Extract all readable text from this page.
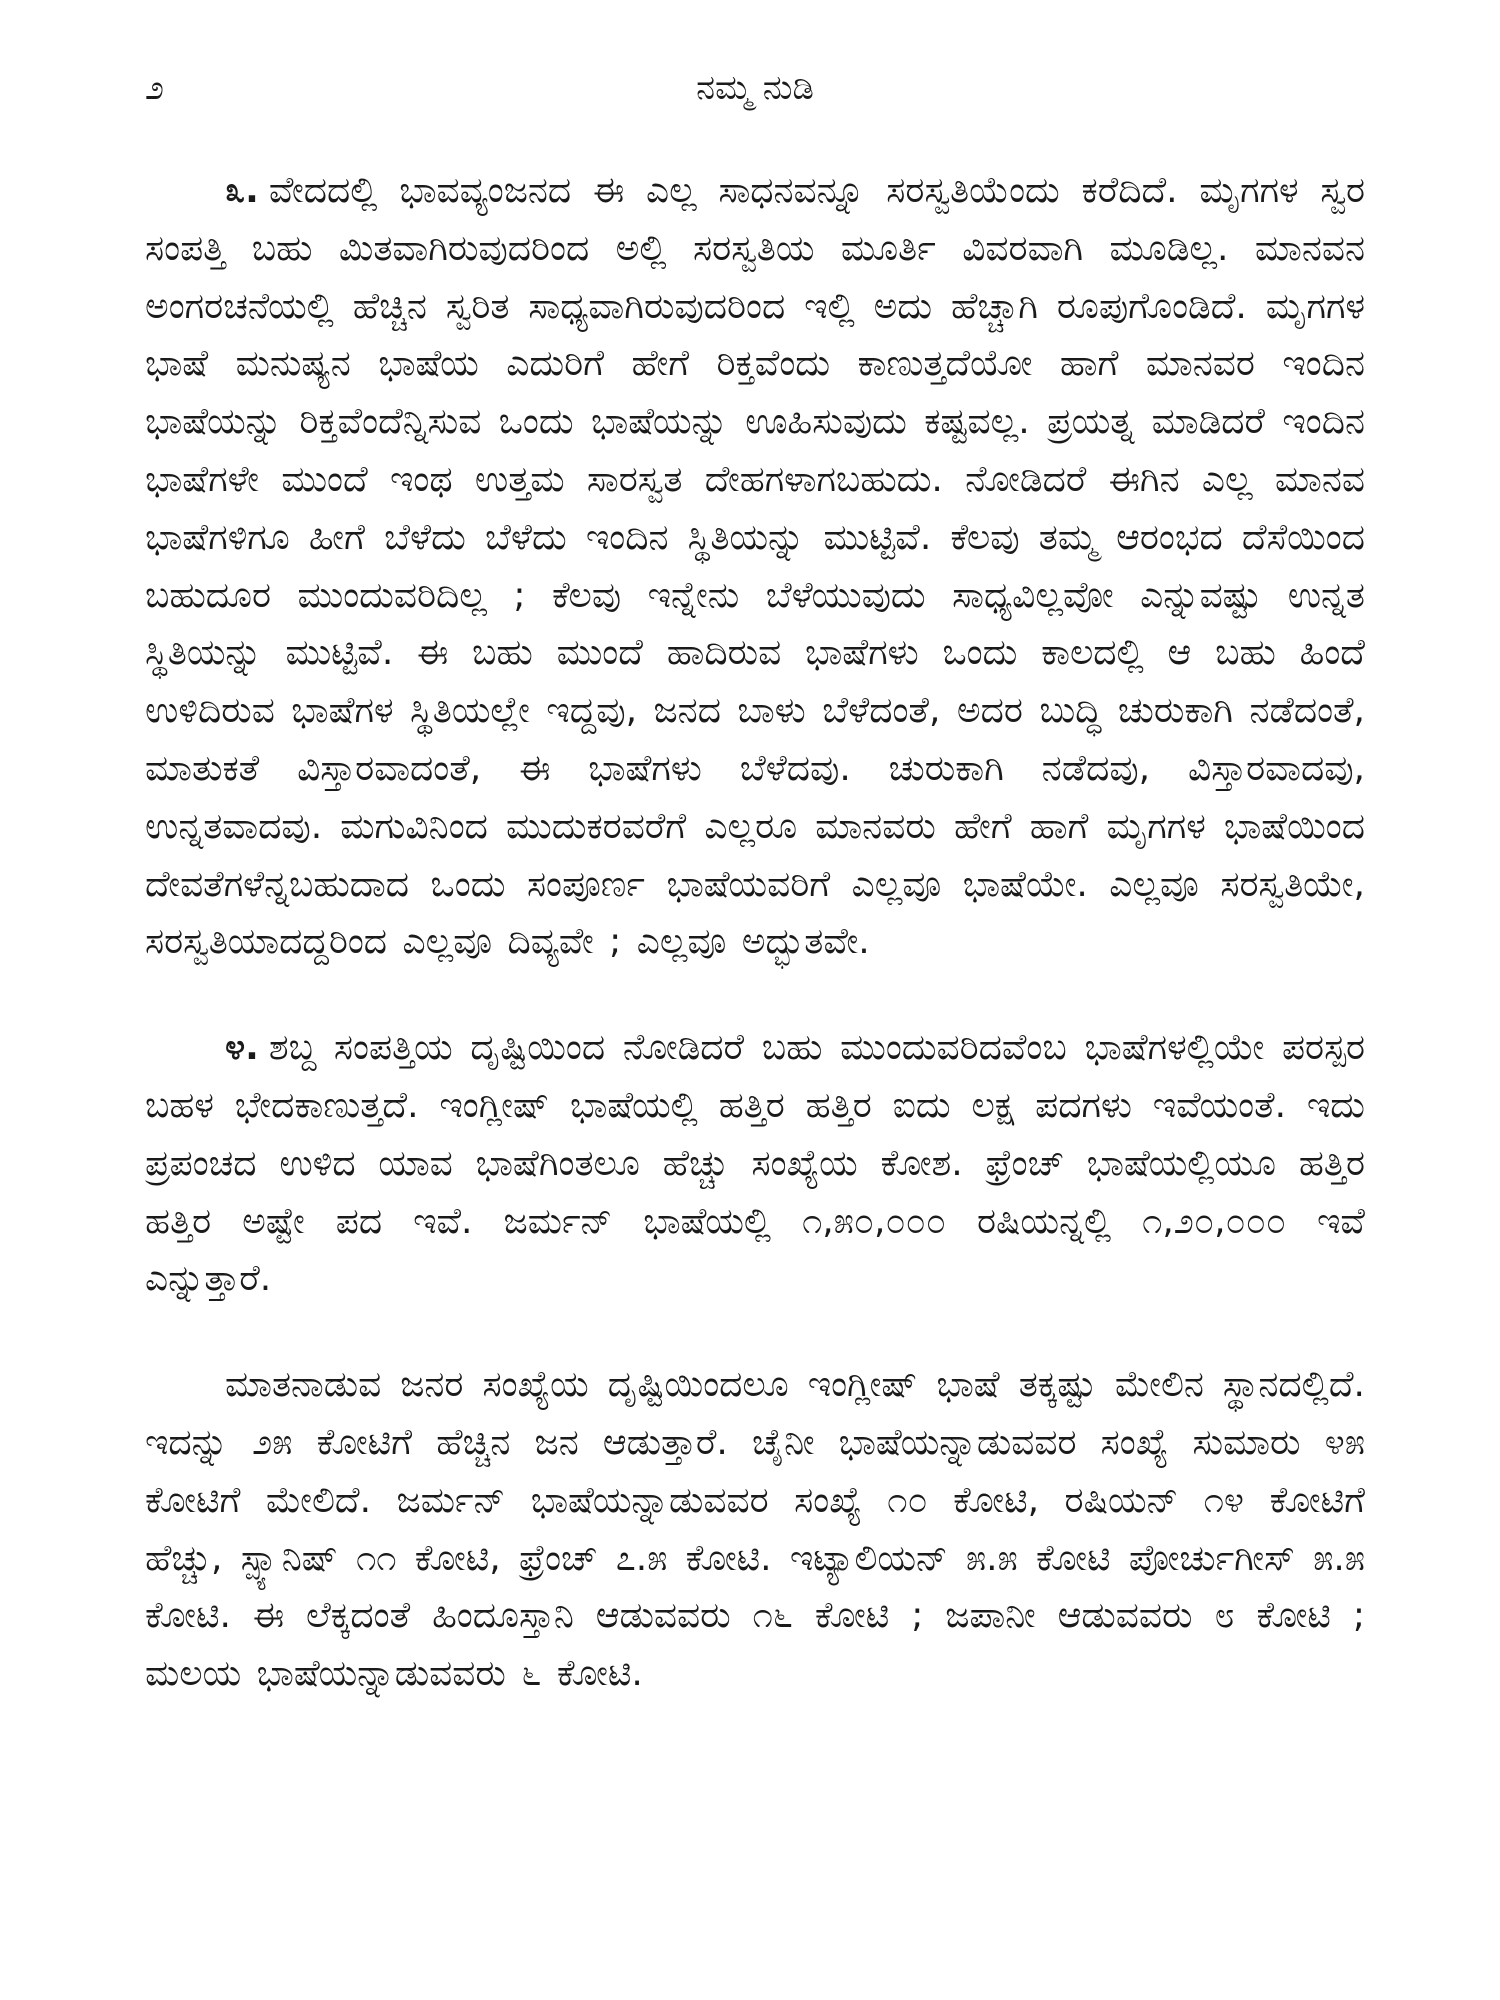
೨	ನಮ್ಮ ನುಡಿ

೩. ವೇದದಲ್ಲಿ ಭಾವವ್ಯಂಜನದ ಈ ಎಲ್ಲ ಸಾಧನವನ್ನೂ ಸರಸ್ವತಿಯೆಂದು ಕರೆದಿದೆ. ಮೃಗಗಳ ಸ್ವರ ಸಂಪತ್ತಿ ಬಹು ಮಿತವಾಗಿರುವುದರಿಂದ ಅಲ್ಲಿ ಸರಸ್ವತಿಯ ಮೂರ್ತಿ ವಿವರವಾಗಿ ಮೂಡಿಲ್ಲ. ಮಾನವನ ಅಂಗರಚನೆಯಲ್ಲಿ ಹೆಚ್ಚಿನ ಸ್ವರಿತ ಸಾಧ್ಯವಾಗಿರುವುದರಿಂದ ಇಲ್ಲಿ ಅದು ಹೆಚ್ಚಾಗಿ ರೂಪುಗೊಂಡಿದೆ. ಮೃಗಗಳ ಭಾಷೆ ಮನುಷ್ಯನ ಭಾಷೆಯ ಎದುರಿಗೆ ಹೇಗೆ ರಿಕ್ತವೆಂದು ಕಾಣುತ್ತದೆಯೋ ಹಾಗೆ ಮಾನವರ ಇಂದಿನ ಭಾಷೆಯನ್ನು ರಿಕ್ತವೆಂದೆನ್ನಿಸುವ ಒಂದು ಭಾಷೆಯನ್ನು ಊಹಿಸುವುದು ಕಷ್ಟವಲ್ಲ. ಪ್ರಯತ್ನ ಮಾಡಿದರೆ ಇಂದಿನ ಭಾಷೆಗಳೇ ಮುಂದೆ ಇಂಥ ಉತ್ತಮ ಸಾರಸ್ವತ ದೇಹಗಳಾಗಬಹುದು. ನೋಡಿದರೆ ಈಗಿನ ಎಲ್ಲ ಮಾನವ ಭಾಷೆಗಳಿಗೂ ಹೀಗೆ ಬೆಳೆದು ಬೆಳೆದು ಇಂದಿನ ಸ್ಥಿತಿಯನ್ನು ಮುಟ್ಟಿವೆ. ಕೆಲವು ತಮ್ಮ ಆರಂಭದ ದೆಸೆಯಿಂದ ಬಹುದೂರ ಮುಂದುವರಿದಿಲ್ಲ ; ಕೆಲವು ಇನ್ನೇನು ಬೆಳೆಯುವುದು ಸಾಧ್ಯವಿಲ್ಲವೋ ಎನ್ನುವಷ್ಟು ಉನ್ನತ ಸ್ಥಿತಿಯನ್ನು ಮುಟ್ಟಿವೆ. ಈ ಬಹು ಮುಂದೆ ಹಾದಿರುವ ಭಾಷೆಗಳು ಒಂದು ಕಾಲದಲ್ಲಿ ಆ ಬಹು ಹಿಂದೆ ಉಳಿದಿರುವ ಭಾಷೆಗಳ ಸ್ಥಿತಿಯಲ್ಲೇ ಇದ್ದವು, ಜನದ ಬಾಳು ಬೆಳೆದಂತೆ, ಅದರ ಬುದ್ಧಿ ಚುರುಕಾಗಿ ನಡೆದಂತೆ, ಮಾತುಕತೆ ವಿಸ್ತಾರವಾದಂತೆ, ಈ ಭಾಷೆಗಳು ಬೆಳೆದವು. ಚುರುಕಾಗಿ ನಡೆದವು, ವಿಸ್ತಾರವಾದವು, ಉನ್ನತವಾದವು. ಮಗುವಿನಿಂದ ಮುದುಕರವರೆಗೆ ಎಲ್ಲರೂ ಮಾನವರು ಹೇಗೆ ಹಾಗೆ ಮೃಗಗಳ ಭಾಷೆಯಿಂದ ದೇವತೆಗಳೆನ್ನಬಹುದಾದ ಒಂದು ಸಂಪೂರ್ಣ ಭಾಷೆಯವರಿಗೆ ಎಲ್ಲವೂ ಭಾಷೆಯೇ. ಎಲ್ಲವೂ ಸರಸ್ವತಿಯೇ, ಸರಸ್ವತಿಯಾದದ್ದರಿಂದ ಎಲ್ಲವೂ ದಿವ್ಯವೇ ; ಎಲ್ಲವೂ ಅದ್ಭುತವೇ.

೪. ಶಬ್ದ ಸಂಪತ್ತಿಯ ದೃಷ್ಟಿಯಿಂದ ನೋಡಿದರೆ ಬಹು ಮುಂದುವರಿದವೆಂಬ ಭಾಷೆಗಳಲ್ಲಿಯೇ ಪರಸ್ಪರ ಬಹಳ ಭೇದಕಾಣುತ್ತದೆ. ಇಂಗ್ಲೀಷ್ ಭಾಷೆಯಲ್ಲಿ ಹತ್ತಿರ ಹತ್ತಿರ ಐದು ಲಕ್ಷ ಪದಗಳು ಇವೆಯಂತೆ. ಇದು ಪ್ರಪಂಚದ ಉಳಿದ ಯಾವ ಭಾಷೆಗಿಂತಲೂ ಹೆಚ್ಚು ಸಂಖ್ಯೆಯ ಕೋಶ. ಫ್ರೆಂಚ್ ಭಾಷೆಯಲ್ಲಿಯೂ ಹತ್ತಿರ ಹತ್ತಿರ ಅಷ್ಟೇ ಪದ ಇವೆ. ಜರ್ಮನ್ ಭಾಷೆಯಲ್ಲಿ ೧,೫೦,೦೦೦ ರಷಿಯನ್ನಲ್ಲಿ ೧,೨೦,೦೦೦ ಇವೆ ಎನ್ನುತ್ತಾರೆ.

ಮಾತನಾಡುವ ಜನರ ಸಂಖ್ಯೆಯ ದೃಷ್ಟಿಯಿಂದಲೂ ಇಂಗ್ಲೀಷ್ ಭಾಷೆ ತಕ್ಕಷ್ಟು ಮೇಲಿನ ಸ್ಥಾನದಲ್ಲಿದೆ. ಇದನ್ನು ೨೫ ಕೋಟಿಗೆ ಹೆಚ್ಚಿನ ಜನ ಆಡುತ್ತಾರೆ. ಚೈನೀ ಭಾಷೆಯನ್ನಾಡುವವರ ಸಂಖ್ಯೆ ಸುಮಾರು ೪೫ ಕೋಟಿಗೆ ಮೇಲಿದೆ. ಜರ್ಮನ್ ಭಾಷೆಯನ್ನಾಡುವವರ ಸಂಖ್ಯೆ ೧೦ ಕೋಟಿ, ರಷಿಯನ್ ೧೪ ಕೋಟಿಗೆ ಹೆಚ್ಚು, ಸ್ಪ್ಯಾನಿಷ್ ೧೧ ಕೋಟಿ, ಫ್ರೆಂಚ್ ೭.೫ ಕೋಟಿ. ಇಟ್ಯಾಲಿಯನ್ ೫.೫ ಕೋಟಿ ಪೋರ್ಚುಗೀಸ್ ೫.೫ ಕೋಟಿ. ಈ ಲೆಕ್ಕದಂತೆ ಹಿಂದೂಸ್ತಾನಿ ಆಡುವವರು ೧೬ ಕೋಟಿ ; ಜಪಾನೀ ಆಡುವವರು ೮ ಕೋಟಿ ; ಮಲಯ ಭಾಷೆಯನ್ನಾಡುವವರು ೬ ಕೋಟಿ.
